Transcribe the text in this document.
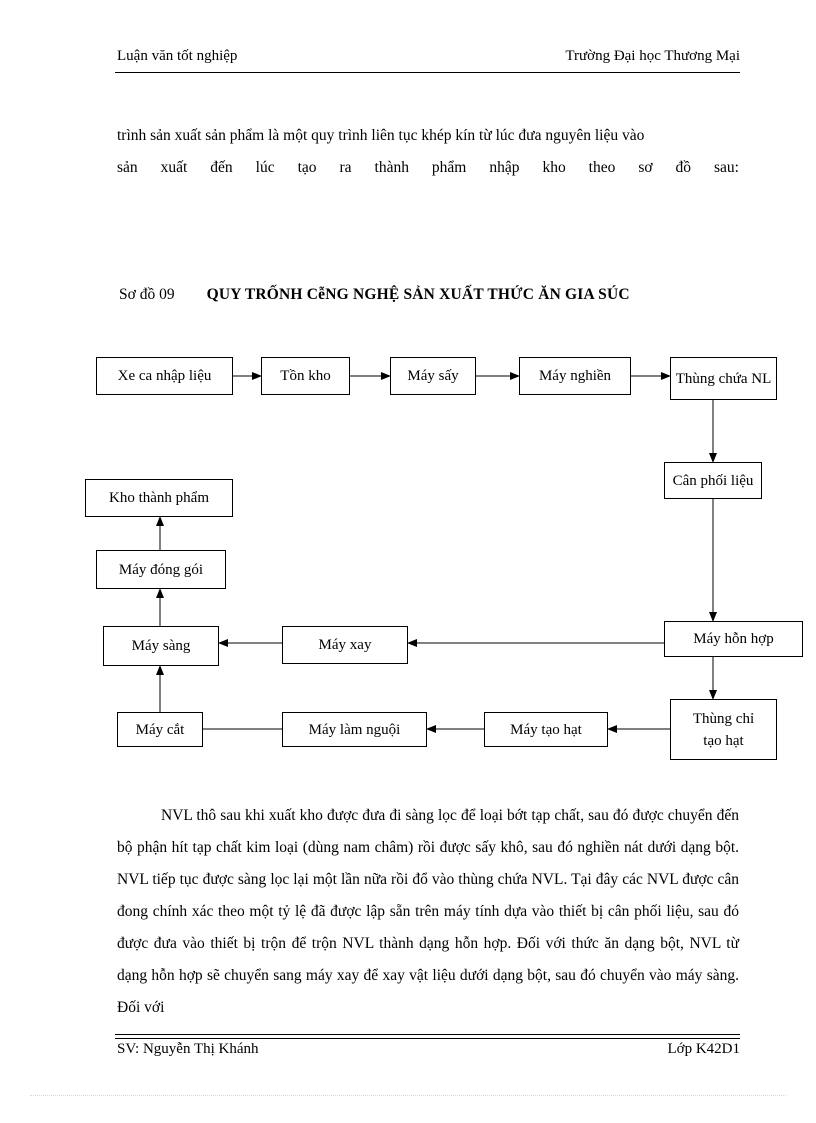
Luận văn tốt nghiệp	Trường Đại học Thương Mại
trình sản xuất sản phẩm là một quy trình liên tục khép kín từ lúc đưa nguyên liệu vào

sản xuất đến lúc tạo ra thành phẩm nhập kho theo sơ đồ sau:
Sơ đồ 09 QUY TRỐNH CễNG NGHỆ SẢN XUẤT THỨC ĂN GIA SÚC
Xe ca nhập liệu	Tồn kho	Máy sấy	Máy nghiền	Thùng chứa NL
Cân phối liệu
Máy hỗn hợp
Thùng chỉ
tạo hạt
Máy tạo hạt
Máy làm nguội
Máy cắt
Máy sàng	Máy xay
Máy đóng gói
Kho thành phẩm
NVL thô sau khi xuất kho được đưa đi sàng lọc để loại bớt tạp chất, sau đó được chuyển đến bộ phận hít tạp chất kim loại (dùng nam châm) rồi được sấy khô, sau đó nghiền nát dưới dạng bột. NVL tiếp tục được sàng lọc lại một lần nữa rồi đổ vào thùng chứa NVL. Tại đây các NVL được cân đong chính xác theo một tỷ lệ đã được lập sẵn trên máy tính dựa vào thiết bị cân phối liệu, sau đó được đưa vào thiết bị trộn để trộn NVL thành dạng hỗn hợp. Đối với thức ăn dạng bột, NVL từ dạng hỗn hợp sẽ chuyển sang máy xay để xay vật liệu dưới dạng bột, sau đó chuyển vào máy sàng. Đối với
SV: Nguyễn Thị Khánh	Lớp K42D1
